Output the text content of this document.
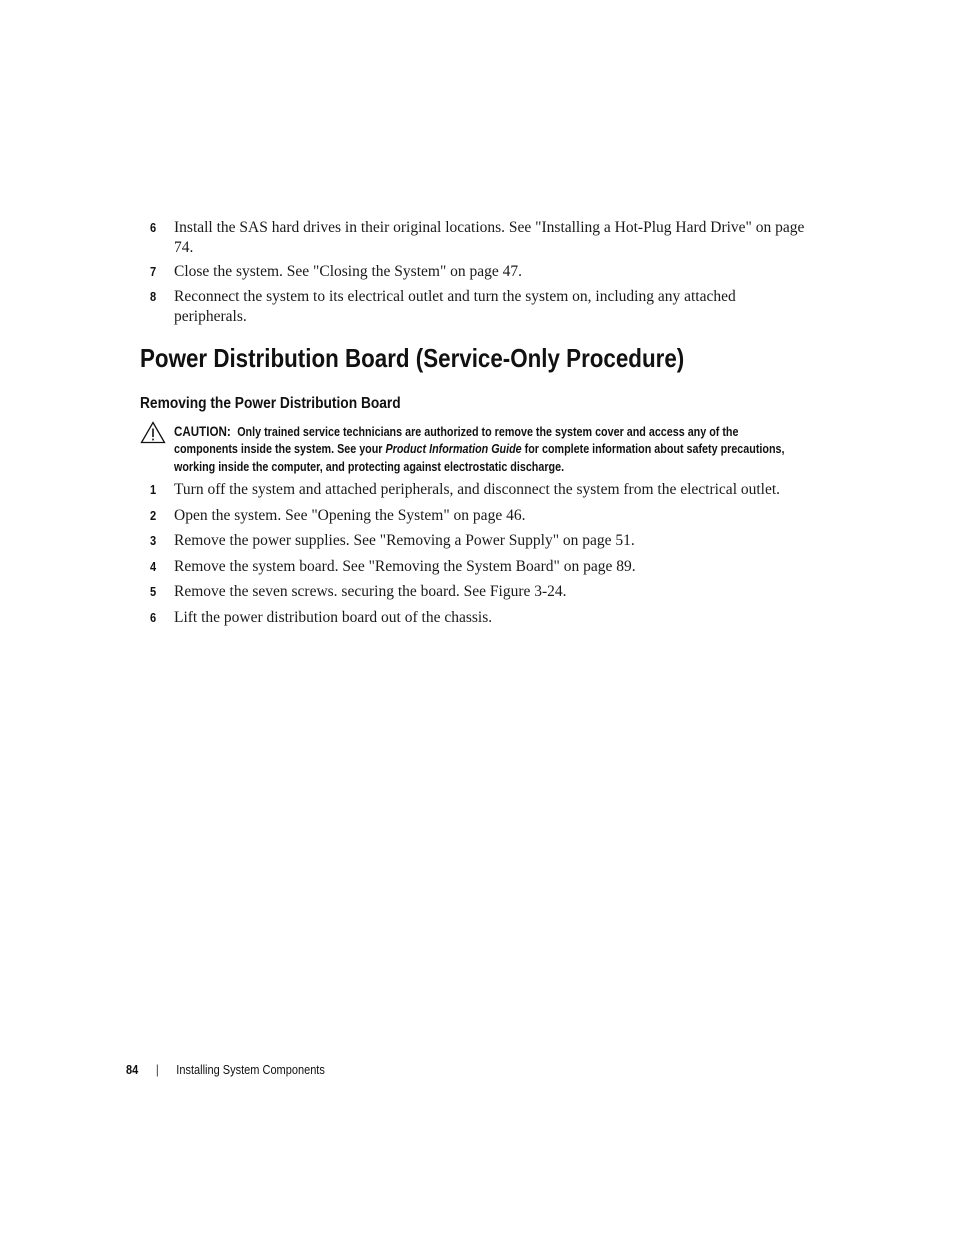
6	Install the SAS hard drives in their original locations. See "Installing a Hot-Plug Hard Drive" on page 74.
7	Close the system. See "Closing the System" on page 47.
8	Reconnect the system to its electrical outlet and turn the system on, including any attached peripherals.
Power Distribution Board (Service-Only Procedure)
Removing the Power Distribution Board
CAUTION: Only trained service technicians are authorized to remove the system cover and access any of the components inside the system. See your Product Information Guide for complete information about safety precautions, working inside the computer, and protecting against electrostatic discharge.
1	Turn off the system and attached peripherals, and disconnect the system from the electrical outlet.
2	Open the system. See "Opening the System" on page 46.
3	Remove the power supplies. See "Removing a Power Supply" on page 51.
4	Remove the system board. See "Removing the System Board" on page 89.
5	Remove the seven screws. securing the board. See Figure 3-24.
6	Lift the power distribution board out of the chassis.
84 | Installing System Components
